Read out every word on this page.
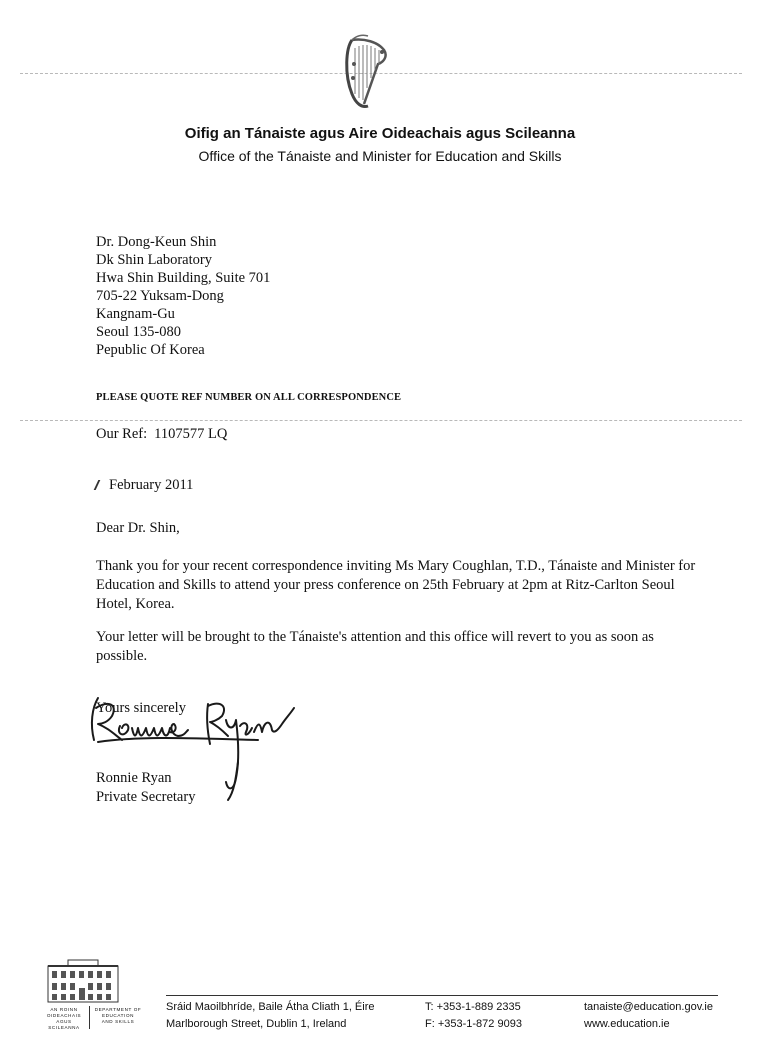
Oifig an Tánaiste agus Aire Oideachais agus Scileanna
Office of the Tánaiste and Minister for Education and Skills
Dr. Dong-Keun Shin
Dk Shin Laboratory
Hwa Shin Building, Suite 701
705-22 Yuksam-Dong
Kangnam-Gu
Seoul 135-080
Pepublic Of Korea
PLEASE QUOTE REF NUMBER ON ALL CORRESPONDENCE
Our Ref: 1107577 LQ
February 2011
Dear Dr. Shin,
Thank you for your recent correspondence inviting Ms Mary Coughlan, T.D., Tánaiste and Minister for Education and Skills to attend your press conference on 25th February at 2pm at Ritz-Carlton Seoul Hotel, Korea.
Your letter will be brought to the Tánaiste's attention and this office will revert to you as soon as possible.
Yours sincerely
Ronnie Ryan
Private Secretary
AN ROINN
OIDEACHAIS
AGUS SCILEANNA
DEPARTMENT OF
EDUCATION
AND SKILLS
Sráid Maoilbhríde, Baile Átha Cliath 1, Éire
Marlborough Street, Dublin 1, Ireland
T: +353-1-889 2335
F: +353-1-872 9093
tanaiste@education.gov.ie
www.education.ie
